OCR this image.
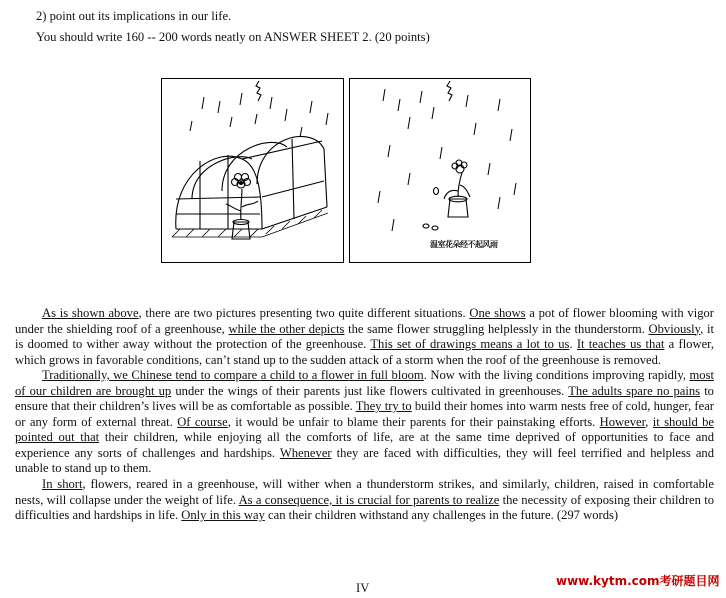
2) point out its implications in our life.
You should write 160 -- 200 words neatly on ANSWER SHEET 2. (20 points)
温室花朵经不起风雨

As is shown above, there are two pictures presenting two quite different situations. One shows a pot of flower blooming with vigor under the shielding roof of a greenhouse, while the other depicts the same flower struggling helplessly in the thunderstorm. Obviously, it is doomed to wither away without the protection of the greenhouse. This set of drawings means a lot to us. It teaches us that a flower, which grows in favorable conditions, can’t stand up to the sudden attack of a storm when the roof of the greenhouse is removed.

Traditionally, we Chinese tend to compare a child to a flower in full bloom. Now with the living conditions improving rapidly, most of our children are brought up under the wings of their parents just like flowers cultivated in greenhouses. The adults spare no pains to ensure that their children’s lives will be as comfortable as possible. They try to build their homes into warm nests free of cold, hunger, fear or any form of external threat. Of course, it would be unfair to blame their parents for their painstaking efforts. However, it should be pointed out that their children, while enjoying all the comforts of life, are at the same time deprived of opportunities to face and experience any sorts of challenges and hardships. Whenever they are faced with difficulties, they will feel terrified and helpless and unable to stand up to them.

In short, flowers, reared in a greenhouse, will wither when a thunderstorm strikes, and similarly, children, raised in comfortable nests, will collapse under the weight of life. As a consequence, it is crucial for parents to realize the necessity of exposing their children to difficulties and hardships in life. Only in this way can their children withstand any challenges in the future. (297 words)

IV	www.kytm.com考研题目网
